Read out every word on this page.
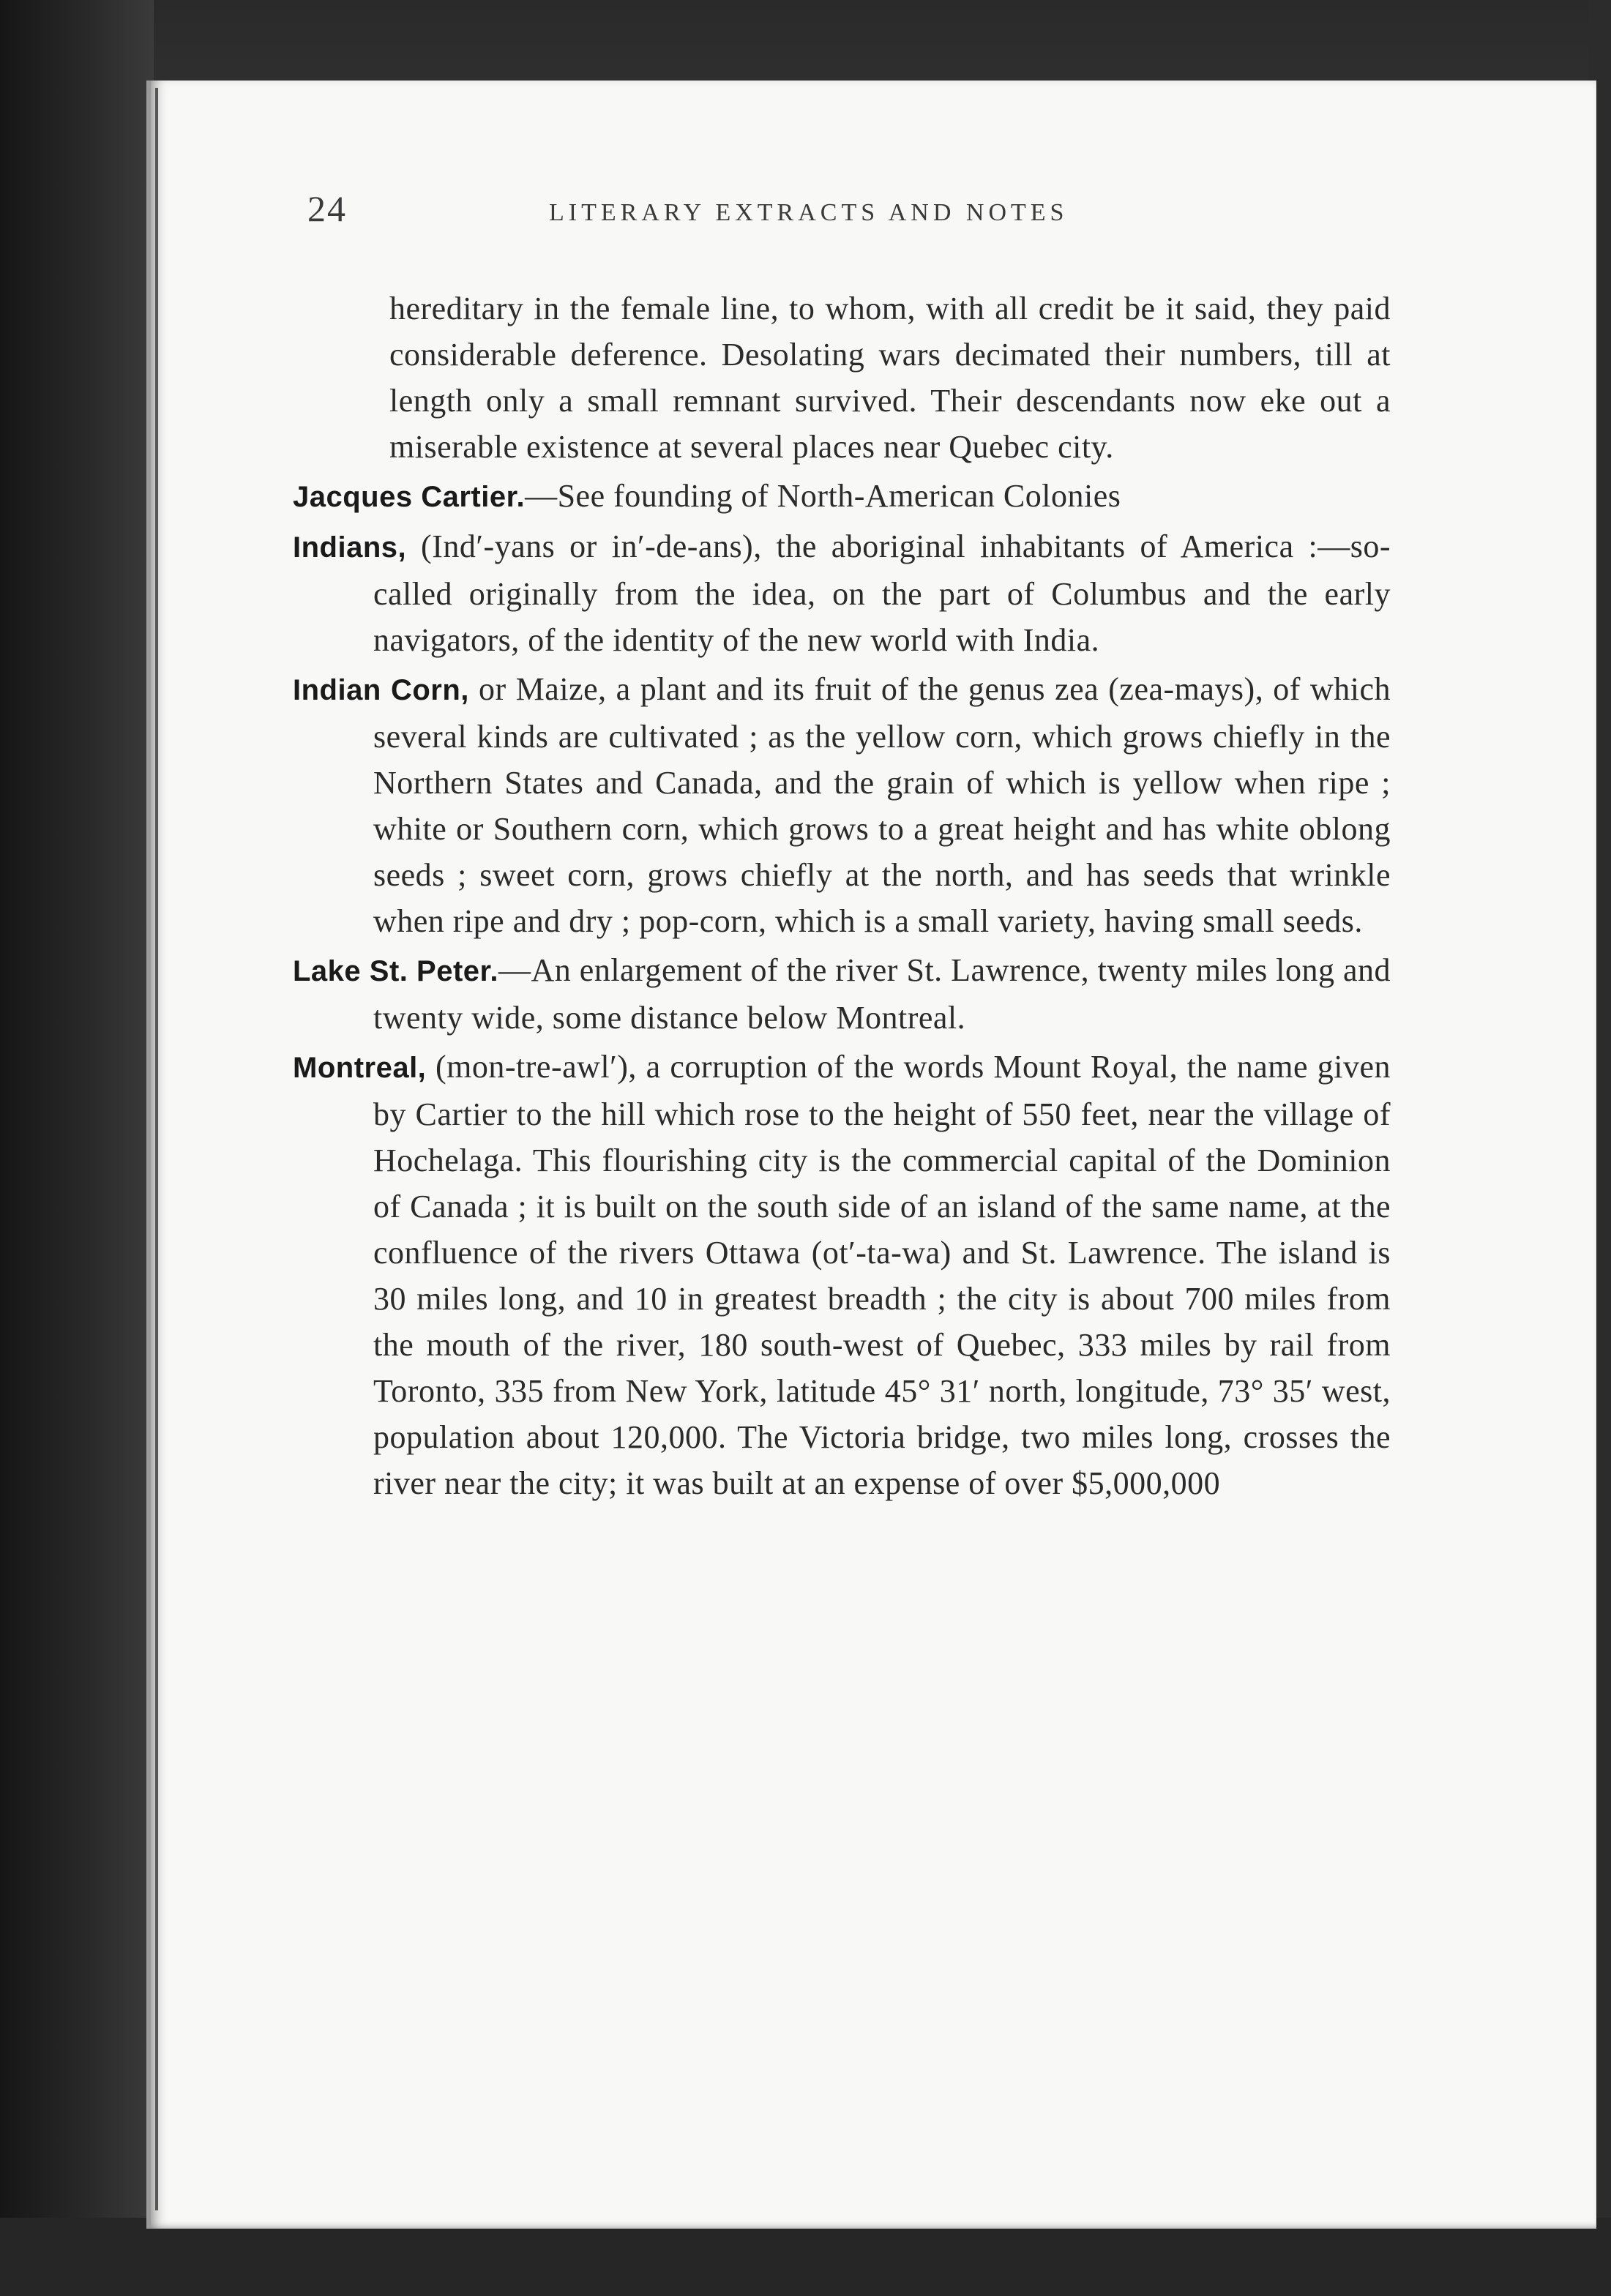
24	LITERARY EXTRACTS AND NOTES

hereditary in the female line, to whom, with all credit be it said, they paid considerable deference. Desolating wars decimated their numbers, till at length only a small remnant survived. Their descendants now eke out a miserable existence at several places near Quebec city.

Jacques Cartier.—See founding of North-American Colonies

Indians, (Ind′-yans or in′-de-ans), the aboriginal inhabitants of America :—so-called originally from the idea, on the part of Columbus and the early navigators, of the identity of the new world with India.

Indian Corn, or Maize, a plant and its fruit of the genus zea (zea-mays), of which several kinds are cultivated ; as the yellow corn, which grows chiefly in the Northern States and Canada, and the grain of which is yellow when ripe ; white or Southern corn, which grows to a great height and has white oblong seeds ; sweet corn, grows chiefly at the north, and has seeds that wrinkle when ripe and dry ; pop-corn, which is a small variety, having small seeds.

Lake St. Peter.—An enlargement of the river St. Lawrence, twenty miles long and twenty wide, some distance below Montreal.

Montreal, (mon-tre-awl′), a corruption of the words Mount Royal, the name given by Cartier to the hill which rose to the height of 550 feet, near the village of Hochelaga. This flourishing city is the commercial capital of the Dominion of Canada ; it is built on the south side of an island of the same name, at the confluence of the rivers Ottawa (ot′-ta-wa) and St. Lawrence. The island is 30 miles long, and 10 in greatest breadth ; the city is about 700 miles from the mouth of the river, 180 south-west of Quebec, 333 miles by rail from Toronto, 335 from New York, latitude 45° 31′ north, longitude, 73° 35′ west, population about 120,000. The Victoria bridge, two miles long, crosses the river near the city; it was built at an expense of over $5,000,000
